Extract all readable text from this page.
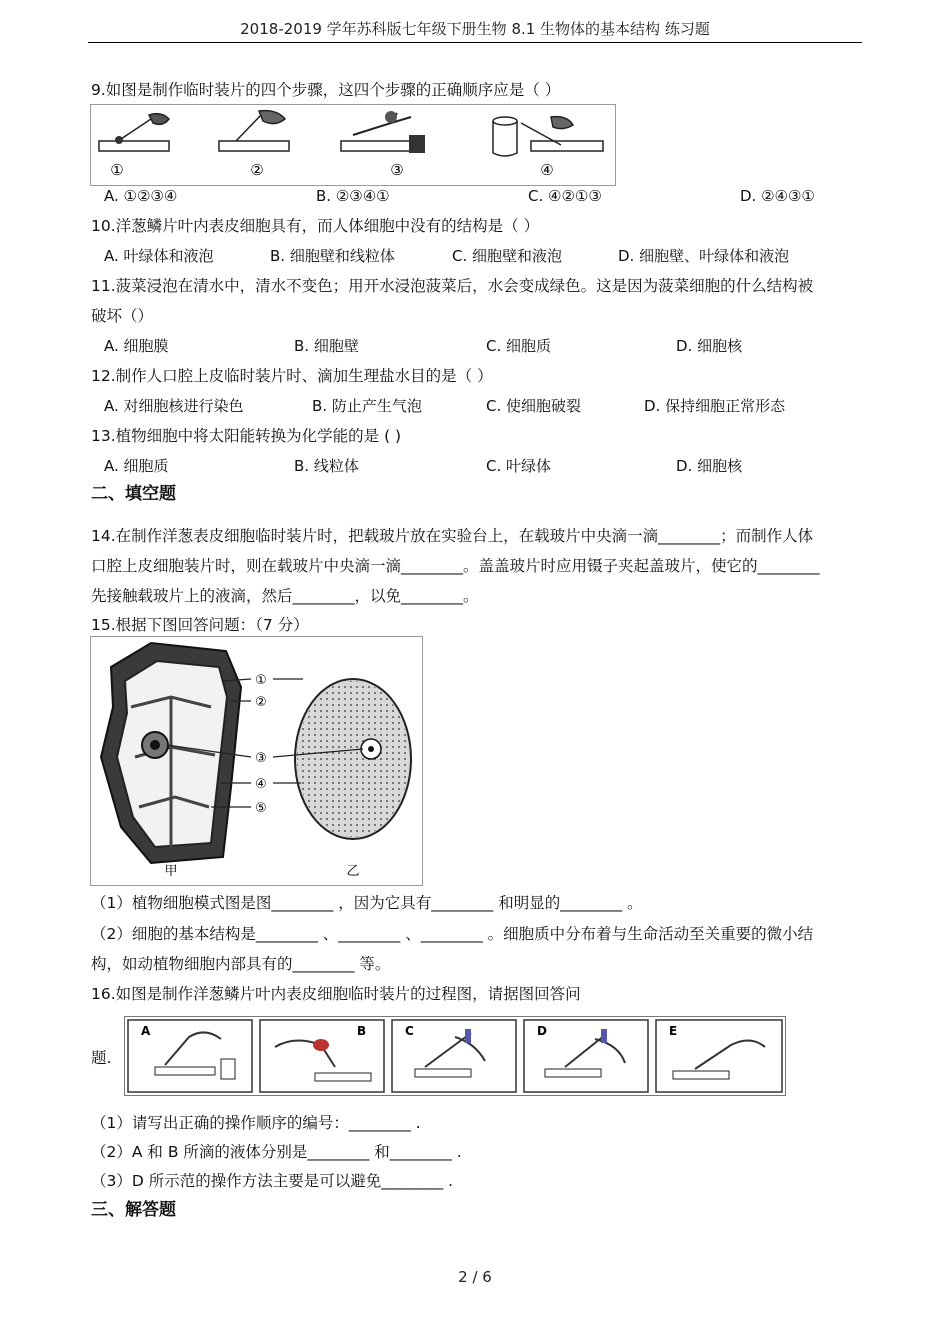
2018-2019 学年苏科版七年级下册生物 8.1 生物体的基本结构 练习题
9.如图是制作临时装片的四个步骤，这四个步骤的正确顺序应是（ ）
①	②	③	④
A. ①②③④	B. ②③④①	C. ④②①③	D. ②④③①
10.洋葱鳞片叶内表皮细胞具有，而人体细胞中没有的结构是（ ）
A. 叶绿体和液泡	B. 细胞壁和线粒体	C. 细胞壁和液泡	D. 细胞壁、叶绿体和液泡
11.菠菜浸泡在清水中，清水不变色；用开水浸泡菠菜后，水会变成绿色。这是因为菠菜细胞的什么结构被
破坏（）
A. 细胞膜	B. 细胞壁	C. 细胞质	D. 细胞核
12.制作人口腔上皮临时装片时、滴加生理盐水目的是（ ）
A. 对细胞核进行染色	B. 防止产生气泡	C. 使细胞破裂	D. 保持细胞正常形态
13.植物细胞中将太阳能转换为化学能的是 ( )
A. 细胞质	B. 线粒体	C. 叶绿体	D. 细胞核
二、填空题
14.在制作洋葱表皮细胞临时装片时，把载玻片放在实验台上，在载玻片中央滴一滴________；而制作人体
口腔上皮细胞装片时，则在载玻片中央滴一滴________。盖盖玻片时应用镊子夹起盖玻片，使它的________
先接触载玻片上的液滴，然后________，以免________。
15.根据下图回答问题：（7 分）
①
②
③
④
⑤
甲	乙
（1）植物细胞模式图是图________ ，因为它具有________ 和明显的________ 。
（2）细胞的基本结构是________ 、________ 、________ 。细胞质中分布着与生命活动至关重要的微小结
构，如动植物细胞内部具有的________ 等。
16.如图是制作洋葱鳞片叶内表皮细胞临时装片的过程图，请据图回答问
题.
A	B	C	D	E
（1）请写出正确的操作顺序的编号：________ .
（2）A 和 B 所滴的液体分别是________ 和________ .
（3）D 所示范的操作方法主要是可以避免________ .
三、解答题
2 / 6
